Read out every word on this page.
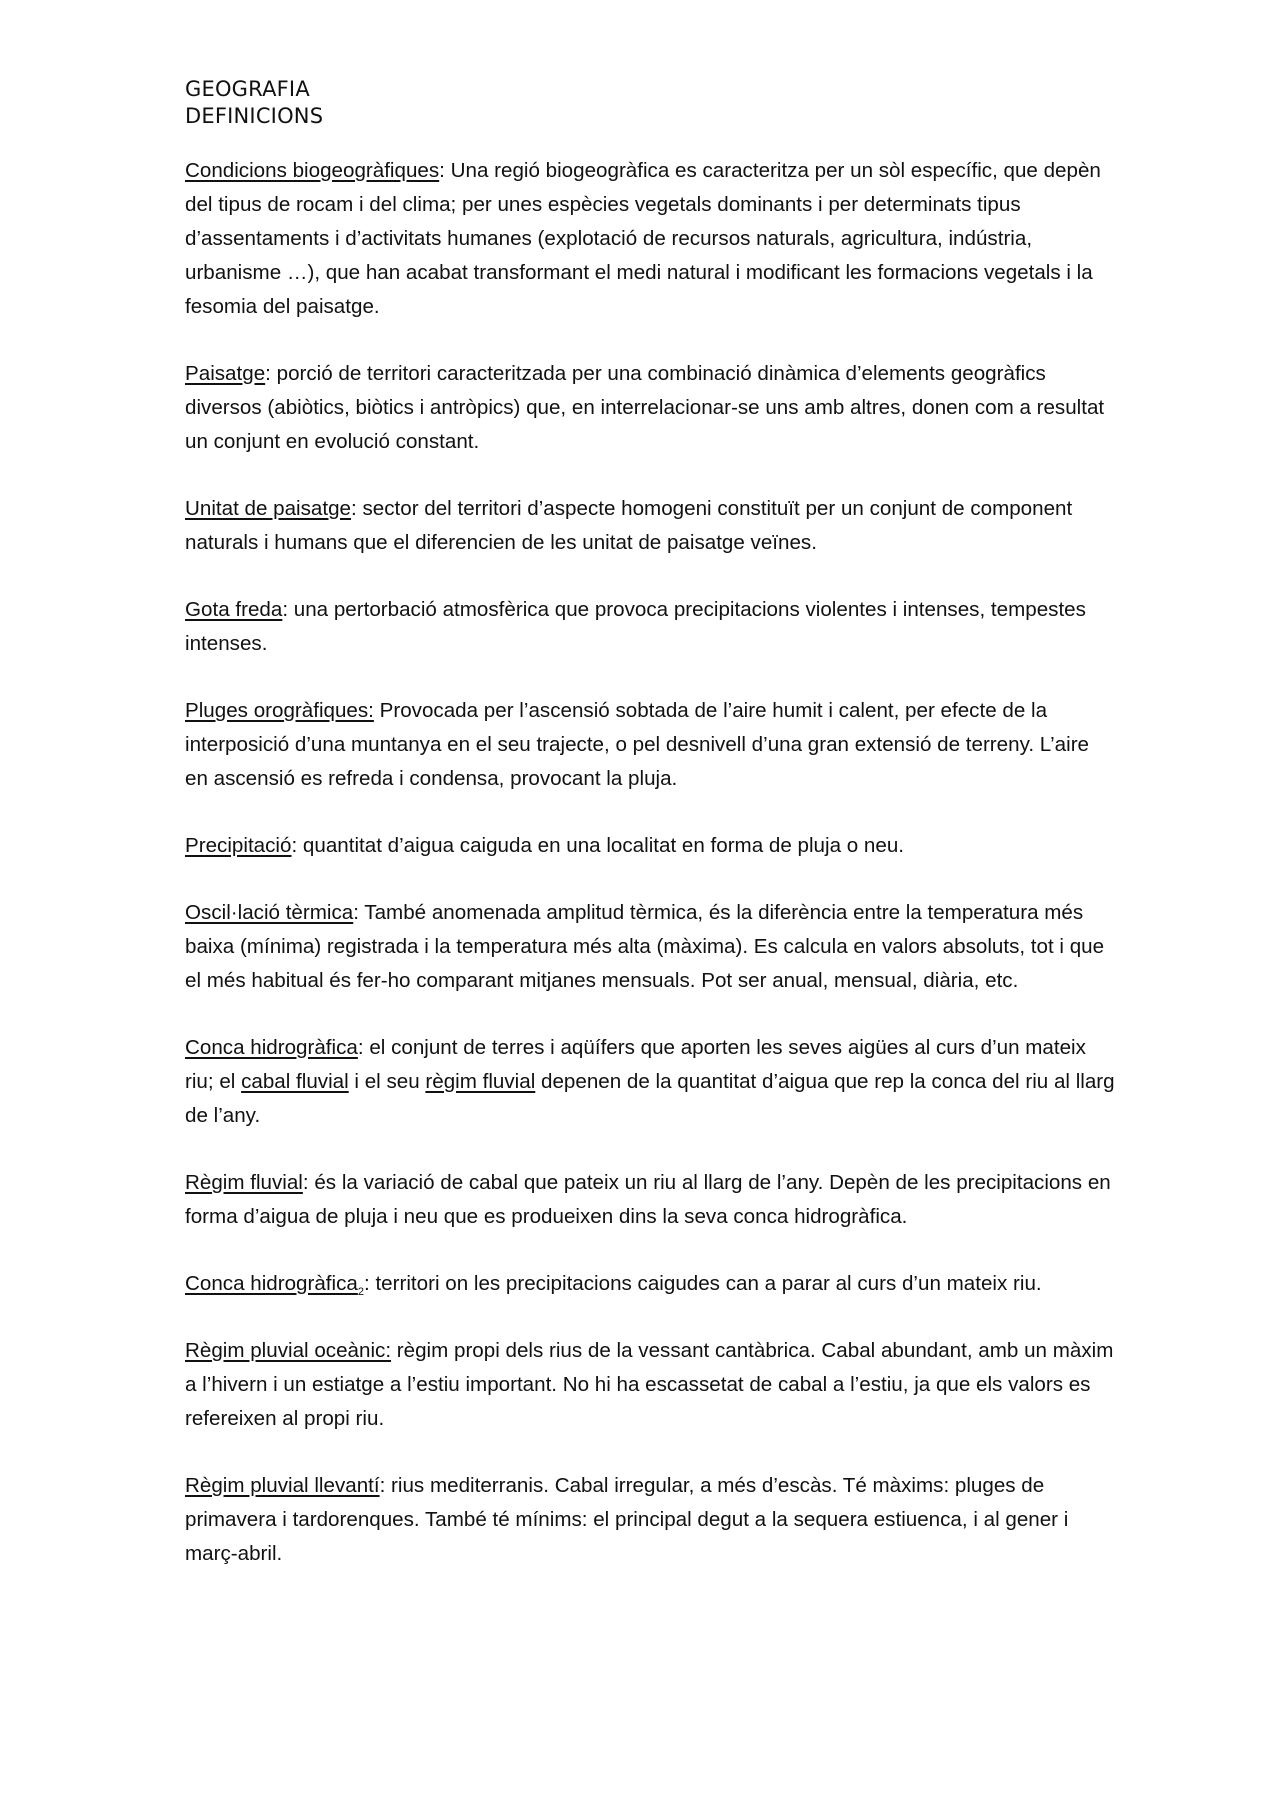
GEOGRAFIA

DEFINICIONS

Condicions biogeogràfiques: Una regió biogeogràfica es caracteritza per un sòl específic, que depèn del tipus de rocam i del clima; per unes espècies vegetals dominants i per determinats tipus d’assentaments i d’activitats humanes (explotació de recursos naturals, agricultura, indústria, urbanisme …), que han acabat transformant el medi natural i modificant les formacions vegetals i la fesomia del paisatge.

Paisatge: porció de territori caracteritzada per una combinació dinàmica d’elements geogràfics diversos (abiòtics, biòtics i antròpics) que, en interrelacionar-se uns amb altres, donen com a resultat un conjunt en evolució constant.

Unitat de paisatge: sector del territori d’aspecte homogeni constituït per un conjunt de component naturals i humans que el diferencien de les unitat de paisatge veïnes.

Gota freda: una pertorbació atmosfèrica que provoca precipitacions violentes i intenses, tempestes intenses.

Pluges orogràfiques: Provocada per l’ascensió sobtada de l’aire humit i calent, per efecte de la interposició d’una muntanya en el seu trajecte, o pel desnivell d’una gran extensió de terreny. L’aire en ascensió es refreda i condensa, provocant la pluja.

Precipitació: quantitat d’aigua caiguda en una localitat en forma de pluja o neu.

Oscil·lació tèrmica: També anomenada amplitud tèrmica, és la diferència entre la temperatura més baixa (mínima) registrada i la temperatura més alta (màxima). Es calcula en valors absoluts, tot i que el més habitual és fer-ho comparant mitjanes mensuals. Pot ser anual, mensual, diària, etc.

Conca hidrogràfica: el conjunt de terres i aqüífers que aporten les seves aigües al curs d’un mateix riu; el cabal fluvial i el seu règim fluvial depenen de la quantitat d’aigua que rep la conca del riu al llarg de l’any.

Règim fluvial: és la variació de cabal que pateix un riu al llarg de l’any. Depèn de les precipitacions en forma d’aigua de pluja i neu que es produeixen dins la seva conca hidrogràfica.

Conca hidrogràfica$_2$: territori on les precipitacions caigudes can a parar al curs d’un mateix riu.

Règim pluvial oceànic: règim propi dels rius de la vessant cantàbrica. Cabal abundant, amb un màxim a l’hivern i un estiatge a l’estiu important. No hi ha escassetat de cabal a l’estiu, ja que els valors es refereixen al propi riu.

Règim pluvial llevantí: rius mediterranis. Cabal irregular, a més d’escàs. Té màxims: pluges de primavera i tardorenques. També té mínims: el principal degut a la sequera estiuenca, i al gener i març-abril.
